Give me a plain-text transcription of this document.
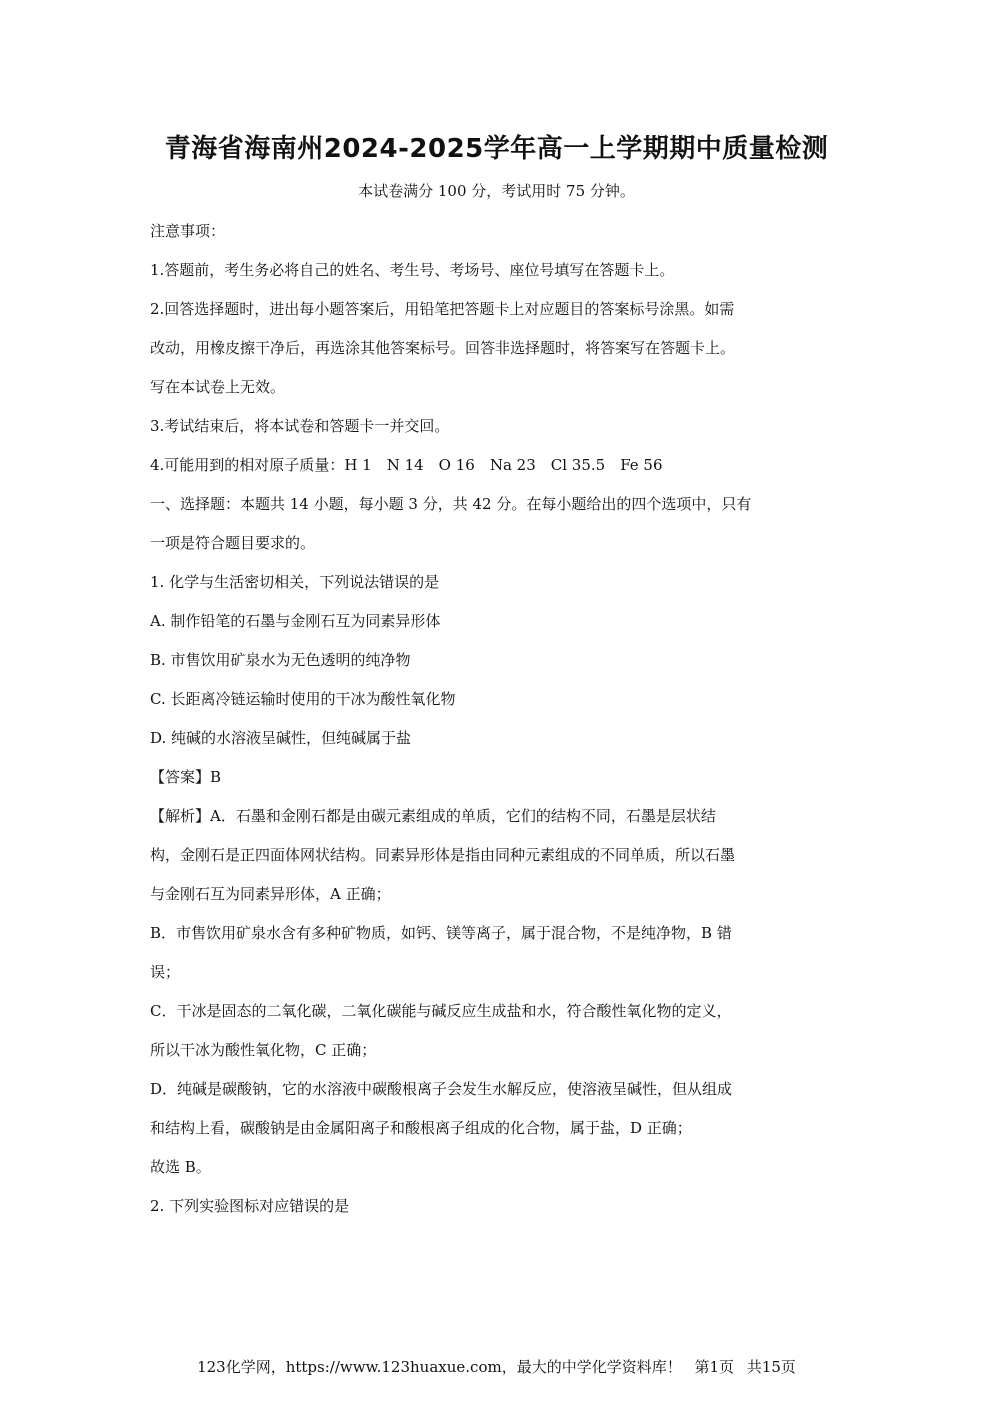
青海省海南州2024-2025学年高一上学期期中质量检测
本试卷满分 100 分，考试用时 75 分钟。
注意事项：
1.答题前，考生务必将自己的姓名、考生号、考场号、座位号填写在答题卡上。
2.回答选择题时，进出每小题答案后，用铅笔把答题卡上对应题目的答案标号涂黑。如需
改动，用橡皮擦干净后，再选涂其他答案标号。回答非选择题时，将答案写在答题卡上。
写在本试卷上无效。
3.考试结束后，将本试卷和答题卡一并交回。
4.可能用到的相对原子质量：H 1　N 14　O 16　Na 23　Cl 35.5　Fe 56
一、选择题：本题共 14 小题，每小题 3 分，共 42 分。在每小题给出的四个选项中，只有
一项是符合题目要求的。
1. 化学与生活密切相关，下列说法错误的是
A. 制作铅笔的石墨与金刚石互为同素异形体
B. 市售饮用矿泉水为无色透明的纯净物
C. 长距离冷链运输时使用的干冰为酸性氧化物
D. 纯碱的水溶液呈碱性，但纯碱属于盐
【答案】B
【解析】A．石墨和金刚石都是由碳元素组成的单质，它们的结构不同，石墨是层状结
构，金刚石是正四面体网状结构。同素异形体是指由同种元素组成的不同单质，所以石墨
与金刚石互为同素异形体，A 正确；
B．市售饮用矿泉水含有多种矿物质，如钙、镁等离子，属于混合物，不是纯净物，B 错
误；
C．干冰是固态的二氧化碳，二氧化碳能与碱反应生成盐和水，符合酸性氧化物的定义，
所以干冰为酸性氧化物，C 正确；
D．纯碱是碳酸钠，它的水溶液中碳酸根离子会发生水解反应，使溶液呈碱性，但从组成
和结构上看，碳酸钠是由金属阳离子和酸根离子组成的化合物，属于盐，D 正确；
故选 B。
2. 下列实验图标对应错误的是
123化学网，https://www.123huaxue.com，最大的中学化学资料库！ 第1页 共15页
